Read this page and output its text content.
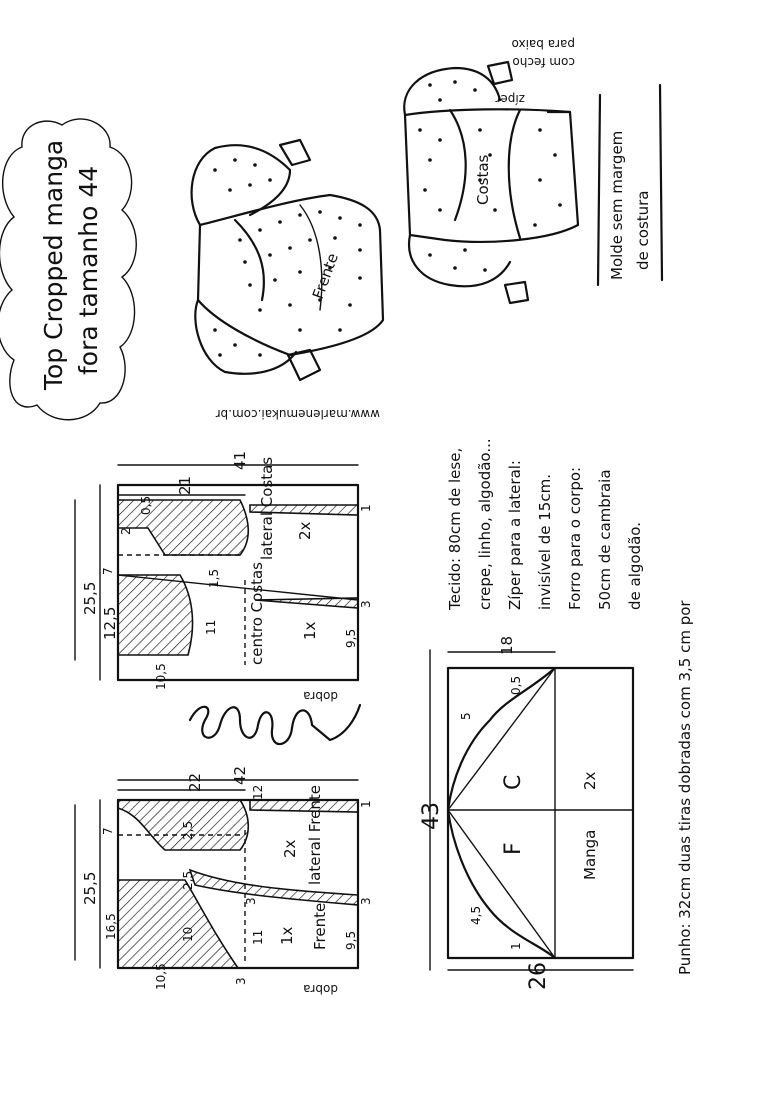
Top Cropped manga fora tamanho 44	Frente
www.marlenemukai.com.br
Costas
zíper
com fecho
para baixo
Molde sem margem de costura
25,5
12,5
41
21
10,5
9,5
11
7
2
0,5
1,5
1
3
lateral Costas 2x
centro Costas 1x
dobra
25,5
16,5
42
22
10,5
10	9,5
11
12
7	2,5
2,5
1
3
3
3
2x lateral Frente
1x Frente
dobra
43
26
18
4,5
5
0,5
1
C
F
2x
Manga	Punho: 32cm duas tiras dobradas com 3,5 cm por
Tecido: 80cm de lese, crepe, linho, algodão... Zíper para a lateral: invisível de 15cm. Forro para o corpo: 50cm de cambraia de algodão.
